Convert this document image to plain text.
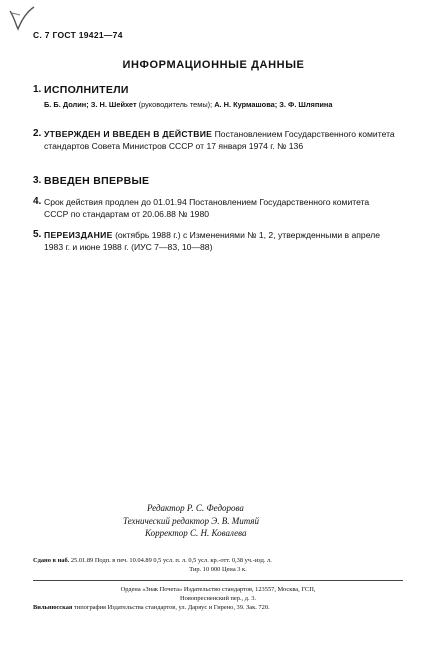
С. 7 ГОСТ 19421—74
ИНФОРМАЦИОННЫЕ ДАННЫЕ
1. ИСПОЛНИТЕЛИ
Б. Б. Долин; З. Н. Шейхет (руководитель темы); А. Н. Курмашова; З. Ф. Шляпина
2. УТВЕРЖДЕН И ВВЕДЕН В ДЕЙСТВИЕ Постановлением Государственного комитета стандартов Совета Министров СССР от 17 января 1974 г. № 136
3. ВВЕДЕН ВПЕРВЫЕ
4. Срок действия продлен до 01.01.94 Постановлением Государственного комитета СССР по стандартам от 20.06.88 № 1980
5. ПЕРЕИЗДАНИЕ (октябрь 1988 г.) с Изменениями № 1, 2, утвержденными в апреле 1983 г. и июне 1988 г. (ИУС 7—83, 10—88)
Редактор Р. С. Федорова
Технический редактор Э. В. Митяй
Корректор С. Н. Ковалева
Сдано в наб. 25.01.89 Подп. в печ. 10.04.89 0,5 усл. п. л. 0,5 усл. кр.-отт. 0,38 уч.-изд. л.
Тир. 10 000 Цена 3 к.
Ордена «Знак Почета» Издательство стандартов, 123557, Москва, ГСП,
Новопресненский пер., д. 3.
Вильнюсская типография Издательства стандартов, ул. Даряус и Гирено, 39. Зак. 720.
